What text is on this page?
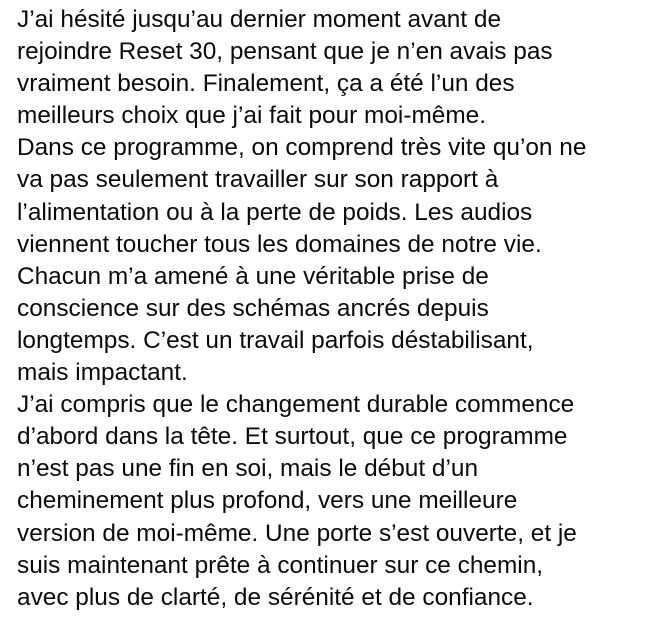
J’ai hésité jusqu’au dernier moment avant de
rejoindre Reset 30, pensant que je n’en avais pas
vraiment besoin. Finalement, ça a été l’un des
meilleurs choix que j’ai fait pour moi-même.
Dans ce programme, on comprend très vite qu’on ne
va pas seulement travailler sur son rapport à
l’alimentation ou à la perte de poids. Les audios
viennent toucher tous les domaines de notre vie.
Chacun m’a amené à une véritable prise de
conscience sur des schémas ancrés depuis
longtemps. C’est un travail parfois déstabilisant,
mais impactant.
J’ai compris que le changement durable commence
d’abord dans la tête. Et surtout, que ce programme
n’est pas une fin en soi, mais le début d’un
cheminement plus profond, vers une meilleure
version de moi-même. Une porte s’est ouverte, et je
suis maintenant prête à continuer sur ce chemin,
avec plus de clarté, de sérénité et de confiance.
